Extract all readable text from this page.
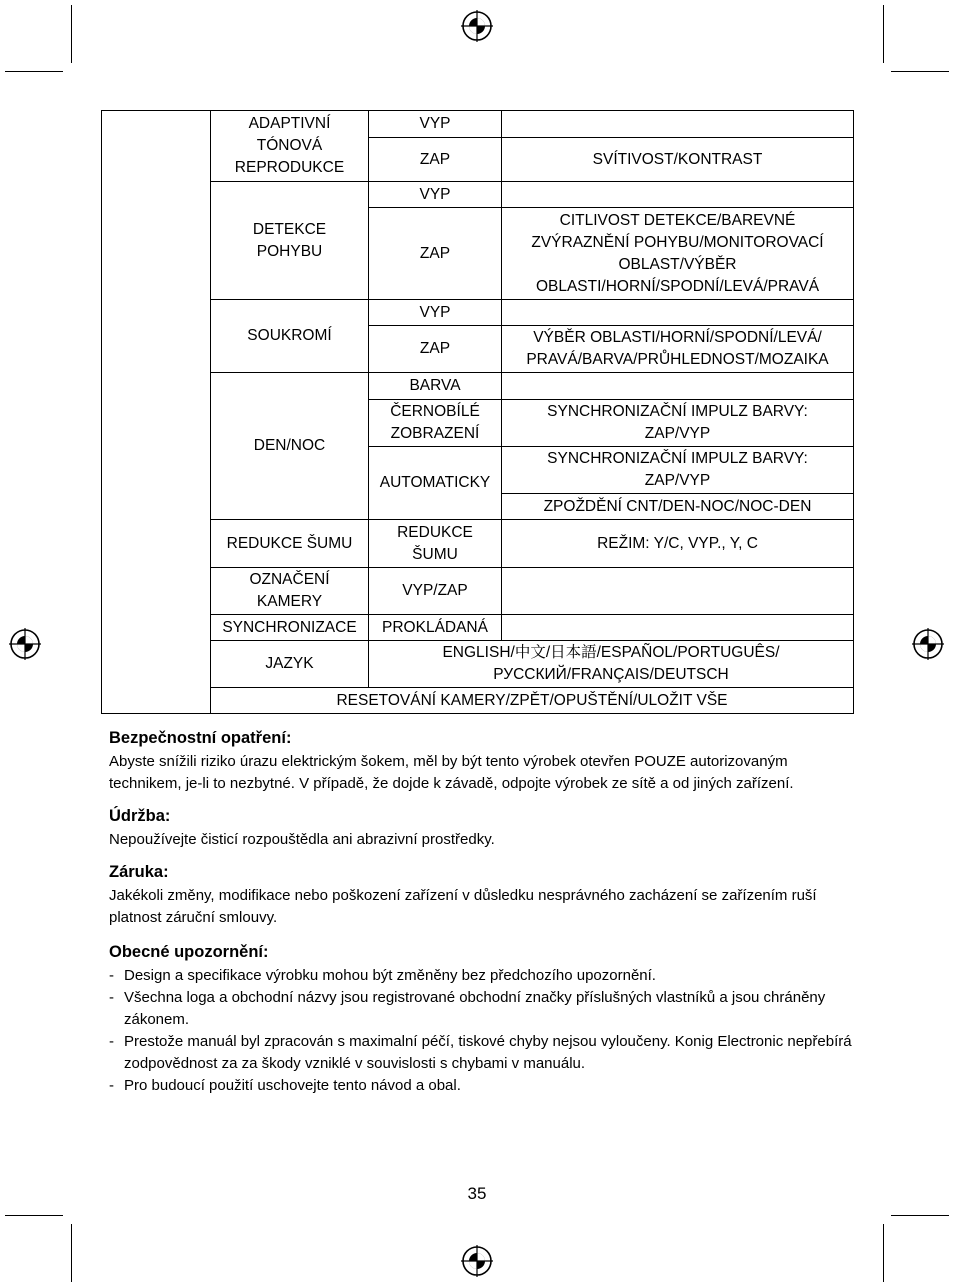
	ADAPTIVNÍ TÓNOVÁ REPRODUKCE	VYP	
		ZAP	SVÍTIVOST/KONTRAST
	DETEKCE POHYBU	VYP	
		ZAP	CITLIVOST DETEKCE/BAREVNÉ ZVÝRAZNĚNÍ POHYBU/MONITOROVACÍ OBLAST/VÝBĚR OBLASTI/HORNÍ/SPODNÍ/LEVÁ/PRAVÁ
	SOUKROMÍ	VYP	
		ZAP	VÝBĚR OBLASTI/HORNÍ/SPODNÍ/LEVÁ/ PRAVÁ/BARVA/PRŮHLEDNOST/MOZAIKA
	DEN/NOC	BARVA	
		ČERNOBÍLÉ ZOBRAZENÍ	SYNCHRONIZAČNÍ IMPULZ BARVY: ZAP/VYP
		AUTOMATICKY	SYNCHRONIZAČNÍ IMPULZ BARVY: ZAP/VYP
			ZPOŽDĚNÍ CNT/DEN-NOC/NOC-DEN
	REDUKCE ŠUMU	REDUKCE ŠUMU	REŽIM: Y/C, VYP., Y, C
	OZNAČENÍ KAMERY	VYP/ZAP	
	SYNCHRONIZACE	PROKLÁDANÁ	
	JAZYK	ENGLISH/中文/日本語/ESPAÑOL/PORTUGUÊS/ РУССКИЙ/FRANÇAIS/DEUTSCH	
	RESETOVÁNÍ KAMERY/ZPĚT/OPUŠTĚNÍ/ULOŽIT VŠE		
Bezpečnostní opatření:

Abyste snížili riziko úrazu elektrickým šokem, měl by být tento výrobek otevřen POUZE autorizovaným technikem, je-li to nezbytné. V případě, že dojde k závadě, odpojte výrobek ze sítě a od jiných zařízení.

Údržba:

Nepoužívejte čisticí rozpouštědla ani abrazivní prostředky.

Záruka:

Jakékoli změny, modifikace nebo poškození zařízení v důsledku nesprávného zacházení se zařízením ruší platnost záruční smlouvy.

Obecné upozornění:
- Design a specifikace výrobku mohou být změněny bez předchozího upozornění.
- Všechna loga a obchodní názvy jsou registrované obchodní značky příslušných vlastníků a jsou chráněny zákonem.
- Prestože manuál byl zpracován s maximalní péčí, tiskové chyby nejsou vyloučeny. Konig Electronic nepřebírá zodpovědnost za za škody vzniklé v souvislosti s chybami v manuálu.
- Pro budoucí použití uschovejte tento návod a obal.
35
